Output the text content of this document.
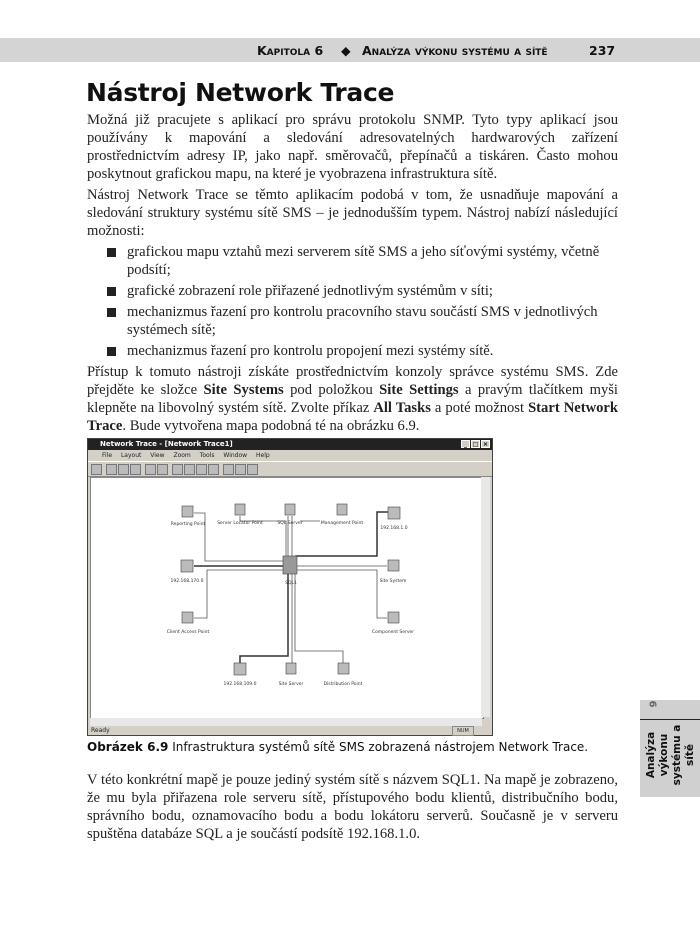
Kapitola 6 ◆ Analýza výkonu systému a sítě	237
Nástroj Network Trace
Možná již pracujete s aplikací pro správu protokolu SNMP. Tyto typy aplikací jsou používány k mapování a sledování adresovatelných hardwarových zařízení prostřednictvím adresy IP, jako např. směrovačů, přepínačů a tiskáren. Často mohou poskytnout grafickou mapu, na které je vyobrazena infrastruktura sítě.
Nástroj Network Trace se těmto aplikacím podobá v tom, že usnadňuje mapování a sledování struktury systému sítě SMS – je jednodušším typem. Nástroj nabízí následující možnosti:
grafickou mapu vztahů mezi serverem sítě SMS a jeho síťovými systémy, včetně podsítí;
grafické zobrazení role přiřazené jednotlivým systémům v síti;
mechanizmus řazení pro kontrolu pracovního stavu součástí SMS v jednotlivých systémech sítě;
mechanizmus řazení pro kontrolu propojení mezi systémy sítě.
Přístup k tomuto nástroji získáte prostřednictvím konzoly správce systému SMS. Zde přejděte ke složce Site Systems pod položkou Site Settings a pravým tlačítkem myši klepněte na libovolný systém sítě. Zvolte příkaz All Tasks a poté možnost Start Network Trace. Bude vytvořena mapa podobná té na obrázku 6.9.
Network Trace - [Network Trace1]	_ □ ×
File Layout View Zoom Tools Window Help
Reporting Point	Server Locator Point	SQL Server	Management Point
192.168.1.0
192.168.170.0	SQL1	Site System
Client Access Point	Component Server
192.168.109.0	Site Server	Distribution Point
Ready	NUM
Obrázek 6.9 Infrastruktura systémů sítě SMS zobrazená nástrojem Network Trace.
V této konkrétní mapě je pouze jediný systém sítě s názvem SQL1. Na mapě je zobrazeno, že mu byla přiřazena role serveru sítě, přístupového bodu klientů, distribučního bodu, správního bodu, oznamovacího bodu a bodu lokátoru serverů. Současně je v serveru spuštěna databáze SQL a je součástí podsítě 192.168.1.0.
6
Analýza výkonu systému a sítě
